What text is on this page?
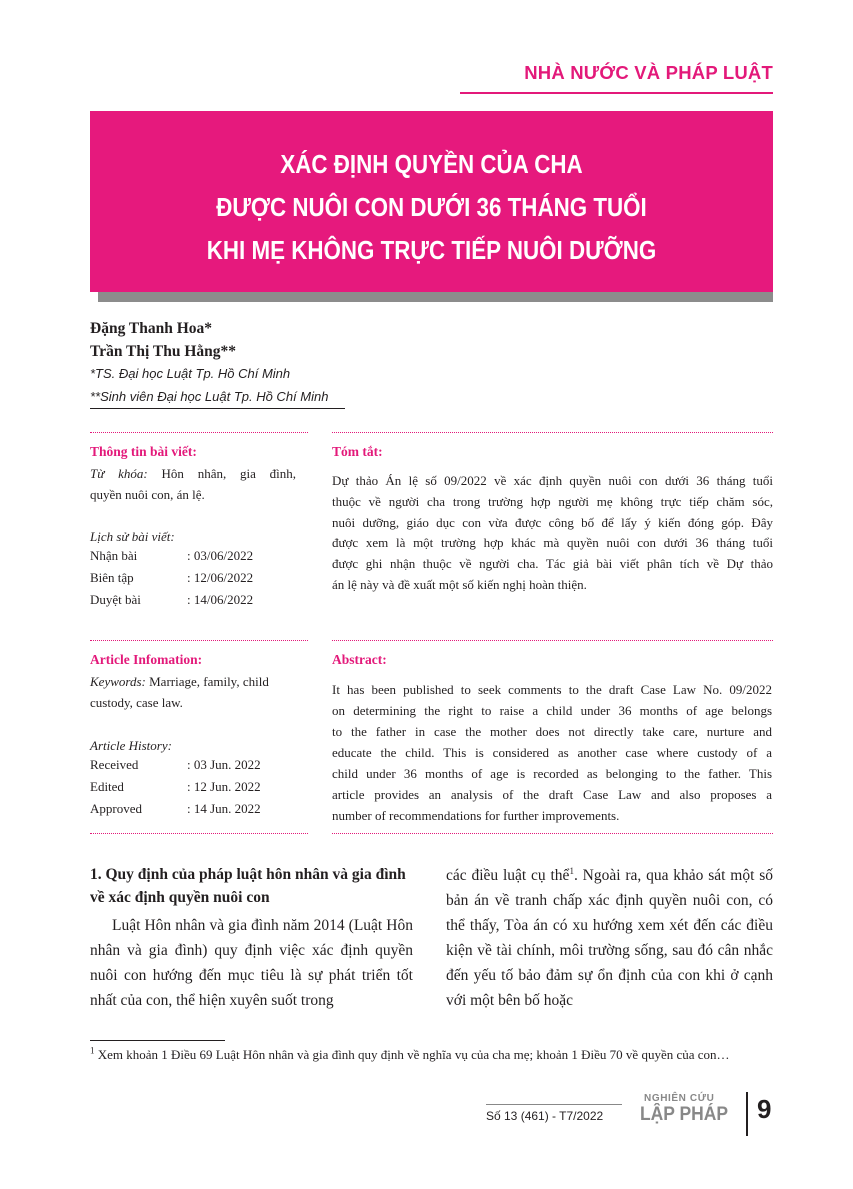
NHÀ NƯỚC VÀ PHÁP LUẬT
XÁC ĐỊNH QUYỀN CỦA CHA
ĐƯỢC NUÔI CON DƯỚI 36 THÁNG TUỔI
KHI MẸ KHÔNG TRỰC TIẾP NUÔI DƯỠNG
Đặng Thanh Hoa*
Trần Thị Thu Hằng**
*TS. Đại học Luật Tp. Hồ Chí Minh
**Sinh viên Đại học Luật Tp. Hồ Chí Minh
Thông tin bài viết:
Từ khóa: Hôn nhân, gia đình,
quyền nuôi con, án lệ.
Lịch sử bài viết:
Nhận bài	: 03/06/2022
Biên tập	: 12/06/2022
Duyệt bài	: 14/06/2022
Tóm tắt:
Dự thảo Án lệ số 09/2022 về xác định quyền nuôi con dưới 36 tháng tuổi
thuộc về người cha trong trường hợp người mẹ không trực tiếp chăm sóc,
nuôi dưỡng, giáo dục con vừa được công bố để lấy ý kiến đóng góp. Đây
được xem là một trường hợp khác mà quyền nuôi con dưới 36 tháng tuổi
được ghi nhận thuộc về người cha. Tác giả bài viết phân tích về Dự thảo
án lệ này và đề xuất một số kiến nghị hoàn thiện.
Article Infomation:
Keywords: Marriage, family, child
custody, case law.
Article History:
Received	: 03 Jun. 2022
Edited	: 12 Jun. 2022
Approved	: 14 Jun. 2022
Abstract:
It has been published to seek comments to the draft Case Law No. 09/2022
on determining the right to raise a child under 36 months of age belongs
to the father in case the mother does not directly take care, nurture and
educate the child. This is considered as another case where custody of a
child under 36 months of age is recorded as belonging to the father. This
article provides an analysis of the draft Case Law and also proposes a
number of recommendations for further improvements.
1. Quy định của pháp luật hôn nhân và gia đình về xác định quyền nuôi con
Luật Hôn nhân và gia đình năm 2014 (Luật Hôn nhân và gia đình) quy định việc xác định quyền nuôi con hướng đến mục tiêu là sự phát triển tốt nhất của con, thể hiện xuyên suốt trong
các điều luật cụ thể$^1$. Ngoài ra, qua khảo sát một số bản án về tranh chấp xác định quyền nuôi con, có thể thấy, Tòa án có xu hướng xem xét đến các điều kiện về tài chính, môi trường sống, sau đó cân nhắc đến yếu tố bảo đảm sự ổn định của con khi ở cạnh với một bên bố hoặc
$^1$ Xem khoản 1 Điều 69 Luật Hôn nhân và gia đình quy định về nghĩa vụ của cha mẹ; khoản 1 Điều 70 về quyền của con…
Số 13 (461) - T7/2022
NGHIÊN CỨU
LẬP PHÁP 9
